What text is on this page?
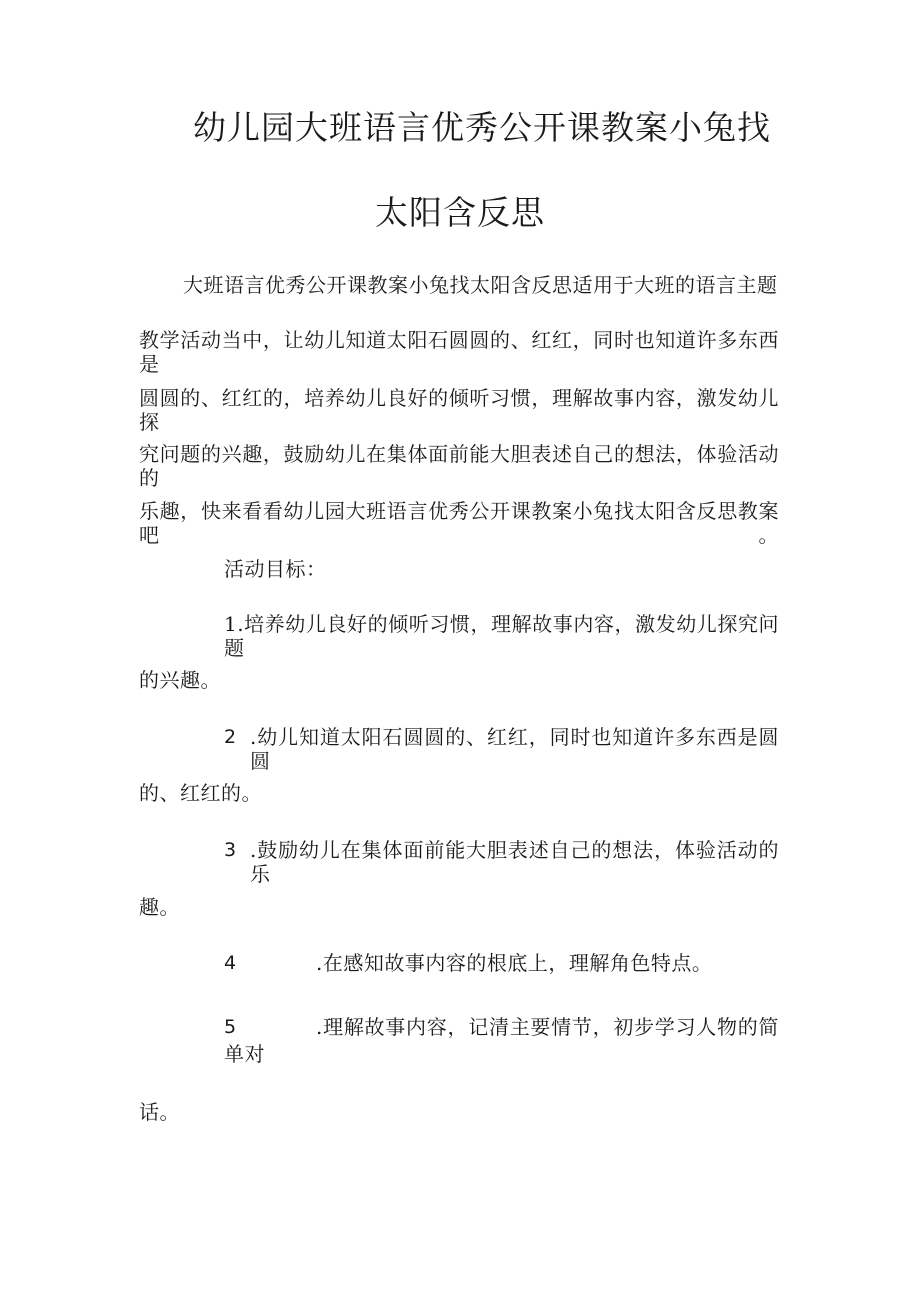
幼儿园大班语言优秀公开课教案小兔找
太阳含反思
大班语言优秀公开课教案小兔找太阳含反思适用于大班的语言主题
教学活动当中，让幼儿知道太阳石圆圆的、红红，同时也知道许多东西是
圆圆的、红红的，培养幼儿良好的倾听习惯，理解故事内容，激发幼儿探
究问题的兴趣，鼓励幼儿在集体面前能大胆表述自己的想法，体验活动的
乐趣，快来看看幼儿园大班语言优秀公开课教案小兔找太阳含反思教案吧。
活动目标：
1.培养幼儿良好的倾听习惯，理解故事内容，激发幼儿探究问题
的兴趣。
2 .幼儿知道太阳石圆圆的、红红，同时也知道许多东西是圆圆
的、红红的。
3 .鼓励幼儿在集体面前能大胆表述自己的想法，体验活动的乐
趣。
4	.在感知故事内容的根底上，理解角色特点。
5	.理解故事内容，记清主要情节，初步学习人物的简
单对
话。
